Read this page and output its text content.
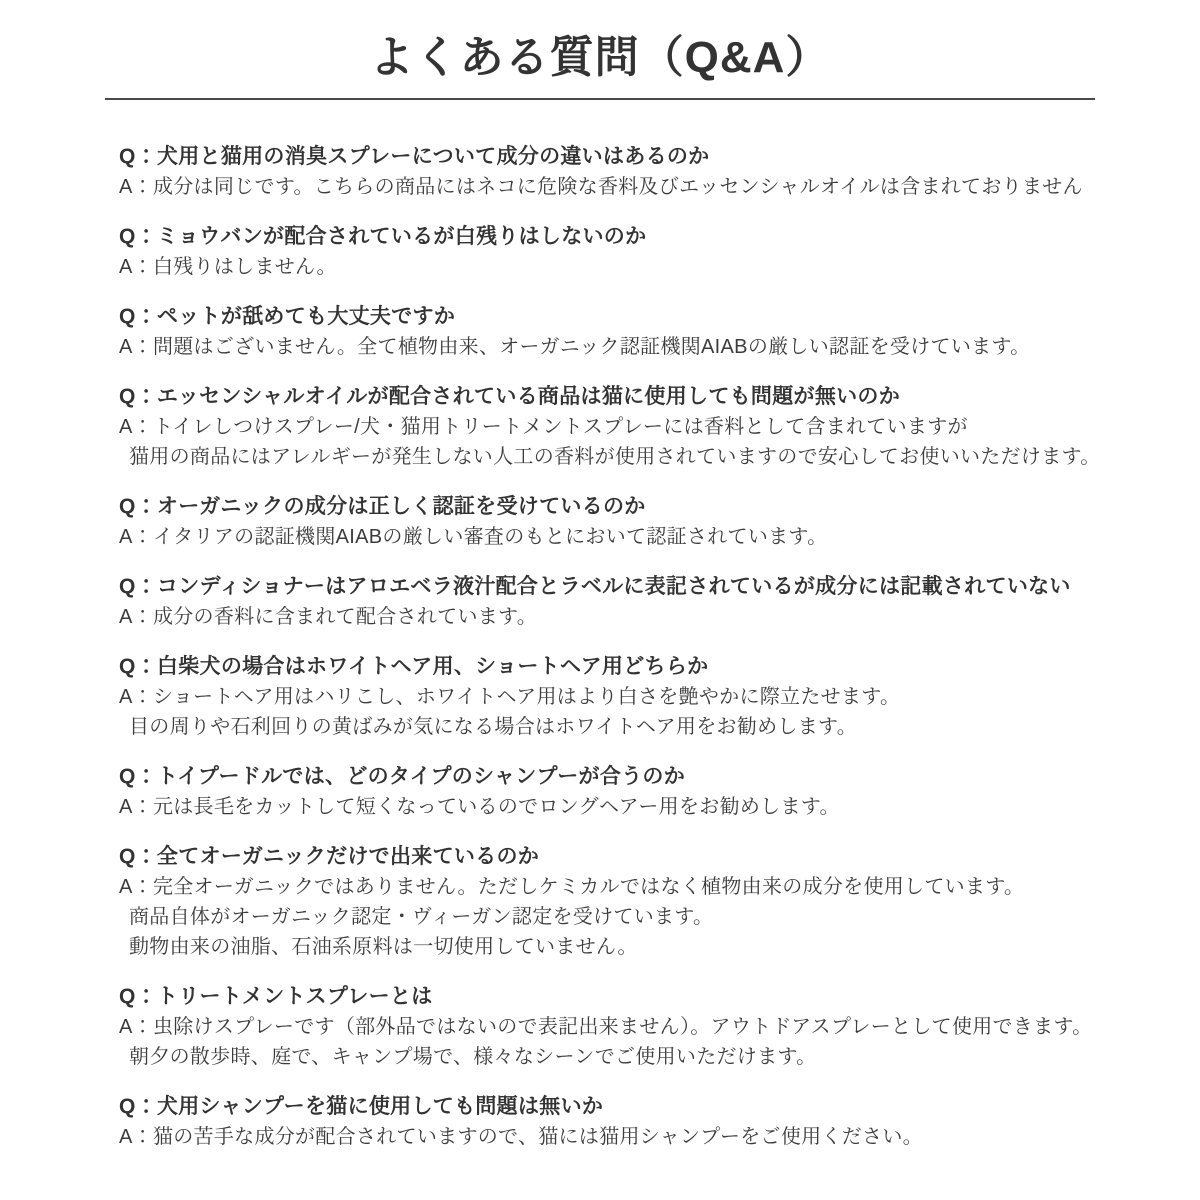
よくある質問（Q&A）
Q：犬用と猫用の消臭スプレーについて成分の違いはあるのか
A：成分は同じです。こちらの商品にはネコに危険な香料及びエッセンシャルオイルは含まれておりません
Q：ミョウバンが配合されているが白残りはしないのか
A：白残りはしません。
Q：ペットが舐めても大丈夫ですか
A：問題はございません。全て植物由来、オーガニック認証機関AIABの厳しい認証を受けています。
Q：エッセンシャルオイルが配合されている商品は猫に使用しても問題が無いのか
A：トイレしつけスプレー/犬・猫用トリートメントスプレーには香料として含まれていますが
猫用の商品にはアレルギーが発生しない人工の香料が使用されていますので安心してお使いいただけます。
Q：オーガニックの成分は正しく認証を受けているのか
A：イタリアの認証機関AIABの厳しい審査のもとにおいて認証されています。
Q：コンディショナーはアロエベラ液汁配合とラベルに表記されているが成分には記載されていない
A：成分の香料に含まれて配合されています。
Q：白柴犬の場合はホワイトヘア用、ショートヘア用どちらか
A：ショートヘア用はハリこし、ホワイトヘア用はより白さを艶やかに際立たせます。
目の周りや石利回りの黄ばみが気になる場合はホワイトヘア用をお勧めします。
Q：トイプードルでは、どのタイプのシャンプーが合うのか
A：元は長毛をカットして短くなっているのでロングヘアー用をお勧めします。
Q：全てオーガニックだけで出来ているのか
A：完全オーガニックではありません。ただしケミカルではなく植物由来の成分を使用しています。
商品自体がオーガニック認定・ヴィーガン認定を受けています。
動物由来の油脂、石油系原料は一切使用していません。
Q：トリートメントスプレーとは
A：虫除けスプレーです（部外品ではないので表記出来ません）。アウトドアスプレーとして使用できます。
朝夕の散歩時、庭で、キャンプ場で、様々なシーンでご使用いただけます。
Q：犬用シャンプーを猫に使用しても問題は無いか
A：猫の苦手な成分が配合されていますので、猫には猫用シャンプーをご使用ください。
